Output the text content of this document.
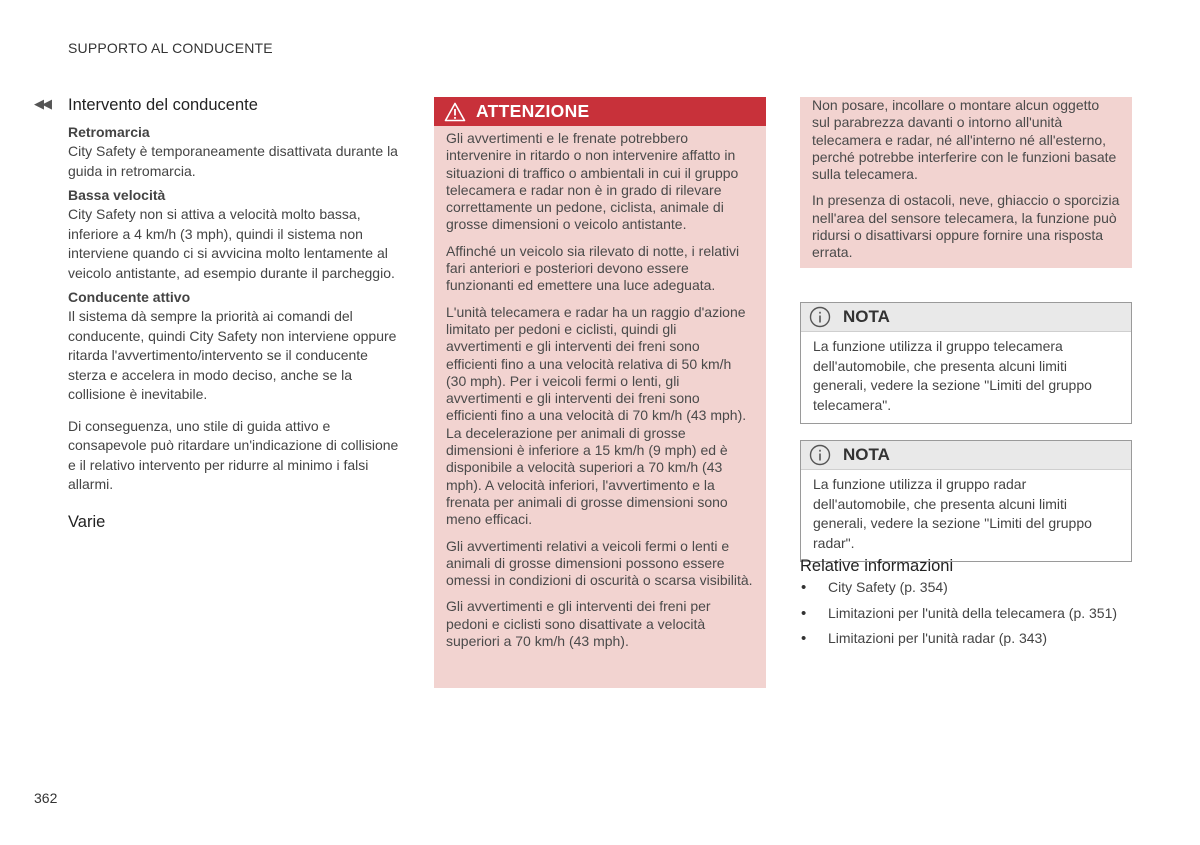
SUPPORTO AL CONDUCENTE
◀◀ Intervento del conducente
Retromarcia
City Safety è temporaneamente disattivata durante la guida in retromarcia.
Bassa velocità
City Safety non si attiva a velocità molto bassa, inferiore a 4 km/h (3 mph), quindi il sistema non interviene quando ci si avvicina molto lentamente al veicolo antistante, ad esempio durante il parcheggio.
Conducente attivo
Il sistema dà sempre la priorità ai comandi del conducente, quindi City Safety non interviene oppure ritarda l'avvertimento/intervento se il conducente sterza e accelera in modo deciso, anche se la collisione è inevitabile.
Di conseguenza, uno stile di guida attivo e consapevole può ritardare un'indicazione di collisione e il relativo intervento per ridurre al minimo i falsi allarmi.
Varie
ATTENZIONE

Gli avvertimenti e le frenate potrebbero intervenire in ritardo o non intervenire affatto in situazioni di traffico o ambientali in cui il gruppo telecamera e radar non è in grado di rilevare correttamente un pedone, ciclista, animale di grosse dimensioni o veicolo antistante.

Affinché un veicolo sia rilevato di notte, i relativi fari anteriori e posteriori devono essere funzionanti ed emettere una luce adeguata.

L'unità telecamera e radar ha un raggio d'azione limitato per pedoni e ciclisti, quindi gli avvertimenti e gli interventi dei freni sono efficienti fino a una velocità relativa di 50 km/h (30 mph). Per i veicoli fermi o lenti, gli avvertimenti e gli interventi dei freni sono efficienti fino a una velocità di 70 km/h (43 mph). La decelerazione per animali di grosse dimensioni è inferiore a 15 km/h (9 mph) ed è disponibile a velocità superiori a 70 km/h (43 mph). A velocità inferiori, l'avvertimento e la frenata per animali di grosse dimensioni sono meno efficaci.

Gli avvertimenti relativi a veicoli fermi o lenti e animali di grosse dimensioni possono essere omessi in condizioni di oscurità o scarsa visibilità.

Gli avvertimenti e gli interventi dei freni per pedoni e ciclisti sono disattivate a velocità superiori a 70 km/h (43 mph).

Non posare, incollare o montare alcun oggetto sul parabrezza davanti o intorno all'unità telecamera e radar, né all'interno né all'esterno, perché potrebbe interferire con le funzioni basate sulla telecamera.

In presenza di ostacoli, neve, ghiaccio o sporcizia nell'area del sensore telecamera, la funzione può ridursi o disattivarsi oppure fornire una risposta errata.

NOTA
La funzione utilizza il gruppo telecamera dell'automobile, che presenta alcuni limiti generali, vedere la sezione "Limiti del gruppo telecamera".
NOTA
La funzione utilizza il gruppo radar dell'automobile, che presenta alcuni limiti generali, vedere la sezione "Limiti del gruppo radar".
Relative informazioni
• City Safety (p. 354)
• Limitazioni per l'unità della telecamera (p. 351)
• Limitazioni per l'unità radar (p. 343)
362
